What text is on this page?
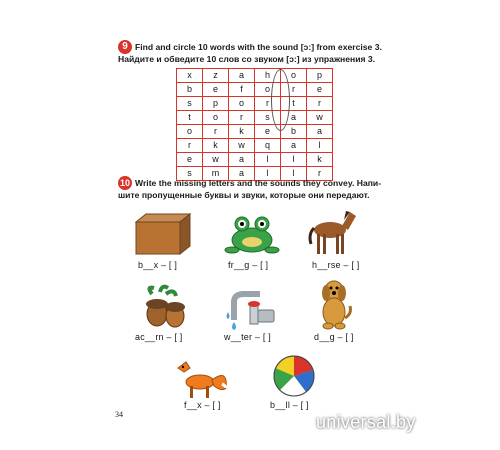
9 Find and circle 10 words with the sound [ɔ:] from exercise 3.
Найдите и обведите 10 слов со звуком [ɔ:] из упражнения 3.
x	z	a	h	o	p
b	e	f	o	r	e
s	p	o	r	t	r
t	o	r	s	a	w
o	r	k	e	b	a
r	k	w	q	a	l
e	w	a	l	l	k
s	m	a	l	l	r
10 Write the missing letters and the sounds they convey. Напи-
шите пропущенные буквы и звуки, которые они передают.
b__x – [ ]	fr__g – [ ]	h__rse – [ ]
ac__rn – [ ]	w__ter – [ ]	d__g – [ ]
f__x – [ ]	b__ll – [ ]
34	universal.by
